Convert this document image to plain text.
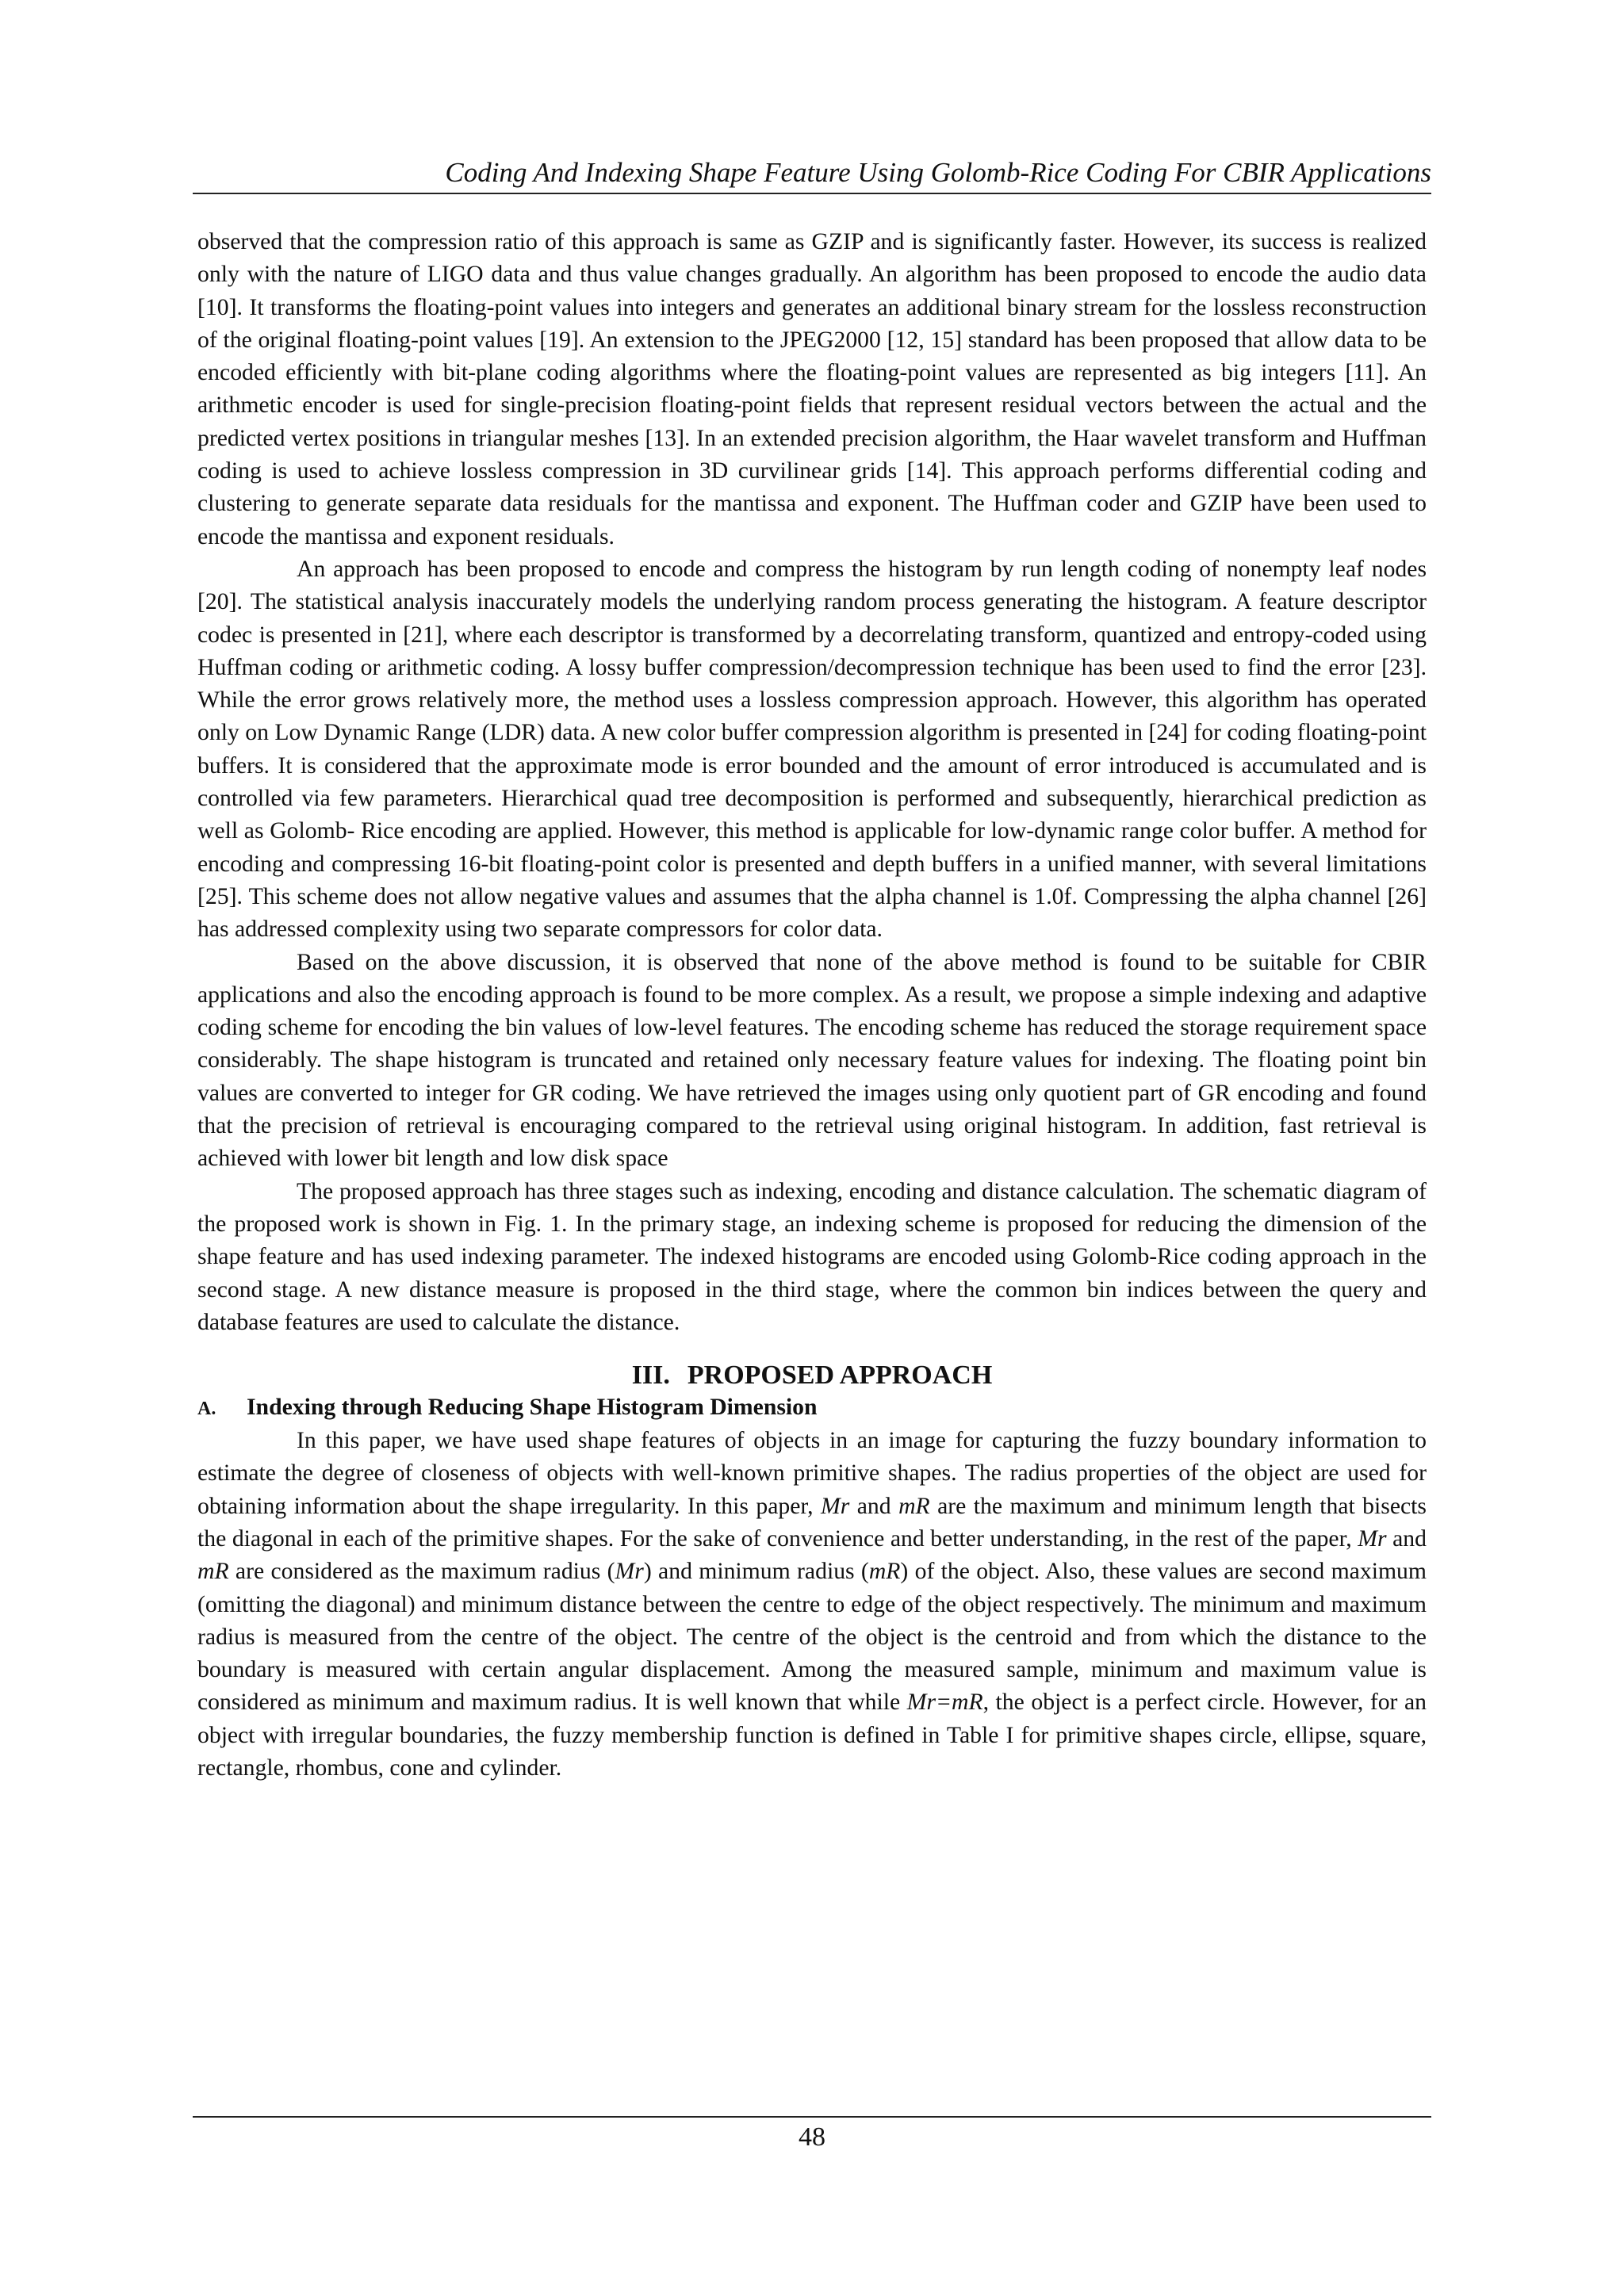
Coding And Indexing Shape Feature Using Golomb-Rice Coding For CBIR Applications

observed that the compression ratio of this approach is same as GZIP and is significantly faster. However, its success is realized only with the nature of LIGO data and thus value changes gradually. An algorithm has been proposed to encode the audio data [10]. It transforms the floating-point values into integers and generates an additional binary stream for the lossless reconstruction of the original floating-point values [19]. An extension to the JPEG2000 [12, 15] standard has been proposed that allow data to be encoded efficiently with bit-plane coding algorithms where the floating-point values are represented as big integers [11]. An arithmetic encoder is used for single-precision floating-point fields that represent residual vectors between the actual and the predicted vertex positions in triangular meshes [13]. In an extended precision algorithm, the Haar wavelet transform and Huffman coding is used to achieve lossless compression in 3D curvilinear grids [14]. This approach performs differential coding and clustering to generate separate data residuals for the mantissa and exponent. The Huffman coder and GZIP have been used to encode the mantissa and exponent residuals.

An approach has been proposed to encode and compress the histogram by run length coding of nonempty leaf nodes [20]. The statistical analysis inaccurately models the underlying random process generating the histogram. A feature descriptor codec is presented in [21], where each descriptor is transformed by a decorrelating transform, quantized and entropy-coded using Huffman coding or arithmetic coding. A lossy buffer compression/decompression technique has been used to find the error [23]. While the error grows relatively more, the method uses a lossless compression approach. However, this algorithm has operated only on Low Dynamic Range (LDR) data. A new color buffer compression algorithm is presented in [24] for coding floating-point buffers. It is considered that the approximate mode is error bounded and the amount of error introduced is accumulated and is controlled via few parameters. Hierarchical quad tree decomposition is performed and subsequently, hierarchical prediction as well as Golomb- Rice encoding are applied. However, this method is applicable for low-dynamic range color buffer. A method for encoding and compressing 16-bit floating-point color is presented and depth buffers in a unified manner, with several limitations [25]. This scheme does not allow negative values and assumes that the alpha channel is 1.0f. Compressing the alpha channel [26] has addressed complexity using two separate compressors for color data.

Based on the above discussion, it is observed that none of the above method is found to be suitable for CBIR applications and also the encoding approach is found to be more complex. As a result, we propose a simple indexing and adaptive coding scheme for encoding the bin values of low-level features. The encoding scheme has reduced the storage requirement space considerably. The shape histogram is truncated and retained only necessary feature values for indexing. The floating point bin values are converted to integer for GR coding. We have retrieved the images using only quotient part of GR encoding and found that the precision of retrieval is encouraging compared to the retrieval using original histogram. In addition, fast retrieval is achieved with lower bit length and low disk space

The proposed approach has three stages such as indexing, encoding and distance calculation. The schematic diagram of the proposed work is shown in Fig. 1. In the primary stage, an indexing scheme is proposed for reducing the dimension of the shape feature and has used indexing parameter. The indexed histograms are encoded using Golomb-Rice coding approach in the second stage. A new distance measure is proposed in the third stage, where the common bin indices between the query and database features are used to calculate the distance.

III. PROPOSED APPROACH
A. Indexing through Reducing Shape Histogram Dimension

In this paper, we have used shape features of objects in an image for capturing the fuzzy boundary information to estimate the degree of closeness of objects with well-known primitive shapes. The radius properties of the object are used for obtaining information about the shape irregularity. In this paper, Mr and mR are the maximum and minimum length that bisects the diagonal in each of the primitive shapes. For the sake of convenience and better understanding, in the rest of the paper, Mr and mR are considered as the maximum radius (Mr) and minimum radius (mR) of the object. Also, these values are second maximum (omitting the diagonal) and minimum distance between the centre to edge of the object respectively. The minimum and maximum radius is measured from the centre of the object. The centre of the object is the centroid and from which the distance to the boundary is measured with certain angular displacement. Among the measured sample, minimum and maximum value is considered as minimum and maximum radius. It is well known that while Mr=mR, the object is a perfect circle. However, for an object with irregular boundaries, the fuzzy membership function is defined in Table I for primitive shapes circle, ellipse, square, rectangle, rhombus, cone and cylinder.

48
